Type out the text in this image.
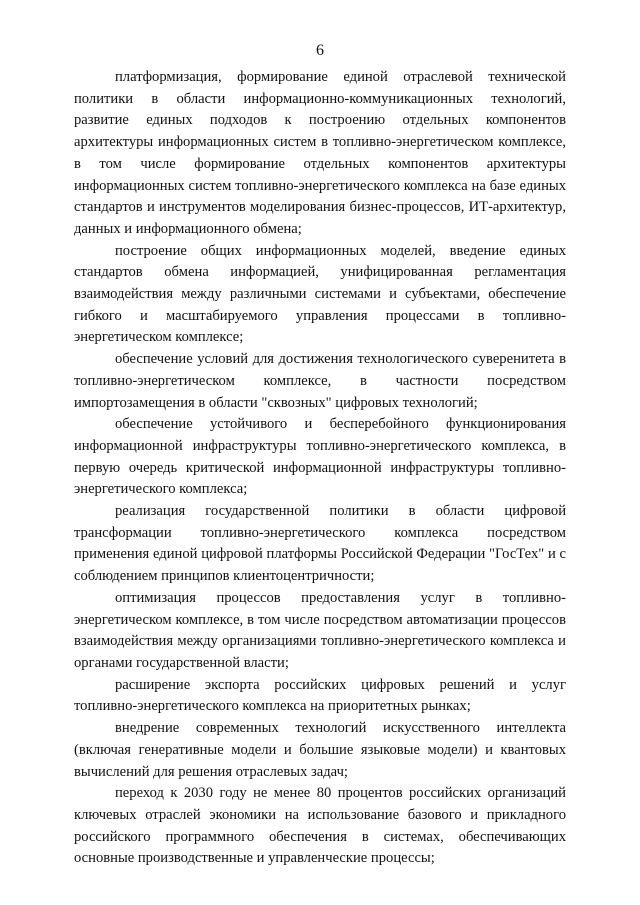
6

платформизация, формирование единой отраслевой технической политики в области информационно-коммуникационных технологий, развитие единых подходов к построению отдельных компонентов архитектуры информационных систем в топливно-энергетическом комплексе, в том числе формирование отдельных компонентов архитектуры информационных систем топливно-энергетического комплекса на базе единых стандартов и инструментов моделирования бизнес-процессов, ИТ-архитектур, данных и информационного обмена;

построение общих информационных моделей, введение единых стандартов обмена информацией, унифицированная регламентация взаимодействия между различными системами и субъектами, обеспечение гибкого и масштабируемого управления процессами в топливно-энергетическом комплексе;

обеспечение условий для достижения технологического суверенитета в топливно-энергетическом комплексе, в частности посредством импортозамещения в области "сквозных" цифровых технологий;

обеспечение устойчивого и бесперебойного функционирования информационной инфраструктуры топливно-энергетического комплекса, в первую очередь критической информационной инфраструктуры топливно-энергетического комплекса;

реализация государственной политики в области цифровой трансформации топливно-энергетического комплекса посредством применения единой цифровой платформы Российской Федерации "ГосТех" и с соблюдением принципов клиентоцентричности;

оптимизация процессов предоставления услуг в топливно-энергетическом комплексе, в том числе посредством автоматизации процессов взаимодействия между организациями топливно-энергетического комплекса и органами государственной власти;

расширение экспорта российских цифровых решений и услуг топливно-энергетического комплекса на приоритетных рынках;

внедрение современных технологий искусственного интеллекта (включая генеративные модели и большие языковые модели) и квантовых вычислений для решения отраслевых задач;

переход к 2030 году не менее 80 процентов российских организаций ключевых отраслей экономики на использование базового и прикладного российского программного обеспечения в системах, обеспечивающих основные производственные и управленческие процессы;
